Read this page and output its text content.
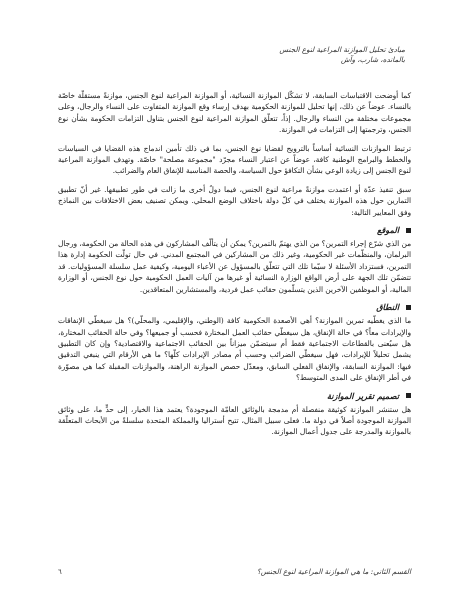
مبادئ تحليل الموازنة المراعية لنوع الجنس
بالمانده، شارب، وآش

كما أوضحت الاقتباسات السابقة، لا تشكّل الموازنة النسائية، أو الموازنة المراعية لنوع الجنس، موازنةً مستقلّة خاصّة بالنساء. عوضاً عن ذلك، إنها تحليل للموازنة الحكومية بهدف إرساء وقع الموازنة المتفاوت على النساء والرجال، وعلى مجموعات مختلفة من النساء والرجال. إذاً، تتعلّق الموازنة المراعية لنوع الجنس بتناول التزامات الحكومة بشأن نوع الجنس، وترجمتها إلى التزامات في الموازنة.

ترتبط الموازنات النسائية أساساً بالترويج لقضايا نوع الجنس، بما في ذلك تأمين اندماج هذه القضايا في السياسات والخطط والبرامج الوطنية كافة، عوضاً عن اعتبار النساء مجرّد "مجموعة مصلحة" خاصّة. وتهدف الموازنة المراعية لنوع الجنس إلى زيادة الوعي بشأن التكافؤ حول السياسة، والحصة المناسبة للإنفاق العام والضرائب.

سبق تنفيذ عدّة أو اعتمدت موازنةً مراعية لنوع الجنس، فيما دولٌ أخرى ما زالت في طور تطبيقها. غير أنّ تطبيق التمارين حول هذه الموازنة يختلف في كلّ دولة باختلاف الوضع المحلي. ويمكن تصنيف بعض الاختلافات بين النماذج وفق المعايير التالية:

الموقع

من الذي شرّع إجراء التمرين؟ من الذي يهتمّ بالتمرين؟ يمكن أن يتألّف المشاركون في هذه الحالة من الحكومة، ورجال البرلمان، والمنظّمات غير الحكومية، وغير ذلك من المشاركين في المجتمع المدني. في حال تولّت الحكومة إدارة هذا التمرين، فستزداد الأسئلة لا سيّما تلك التي تتعلّق بالمسؤول عن الأعباء اليومية، وكيفية عمل سلسلة المسؤوليات. قد تتضمّن تلك الجهة على أرض الواقع الوزارة النسائية أو غيرها من آليات العمل الحكومية حول نوع الجنس، أو الوزارة المالية، أو الموظفين الآخرين الذين يتسلّمون حقائب عمل فردية، والمستشارين المتعاقدين.

النطاق

ما الذي يغطّيه تمرين الموازنة؟ أهي الأصعدة الحكومية كافة (الوطني، والإقليمي، والمحلّي)؟ هل سيغطّي الإنفاقات والإيرادات معاً؟ في حالة الإنفاق، هل سيغطّي حقائب العمل المختارة فحسب أو جميعها؟ وفي حالة الحقائب المختارة، هل سيُعنى بالقطاعات الاجتماعية فقط أم سيتضمّن ميزاناً بين الحقائب الاجتماعية والاقتصادية؟ وإن كان التطبيق يشمل تحليلاً للإيرادات، فهل سيغطّي الضرائب وحسب أم مصادر الإيرادات كلّها؟ ما هي الأرقام التي ينبغي التدقيق فيها: الموازنة السابقة، والإنفاق الفعلي السابق، ومعدّل حصص الموازنة الراهنة، والموازنات المقبلة كما هي مصوّرة في أطر الإنفاق على المدى المتوسط؟

تصميم تقرير الموازنة

هل ستنشر الموازنة كوثيقة منفصلة أم مدمجة بالوثائق العامّة الموجودة؟ يعتمد هذا الخيار، إلى حدٍّ ما، على وثائق الموازنة الموجودة أصلاً في دولة ما. فعلى سبيل المثال، تتيح أستراليا والمملكة المتحدة سلسلةً من الأبحاث المتعلّقة بالموازنة والمدرجة على جدول أعمال الموازنة.

القسم الثاني: ما هي الموازنة المراعية لنوع الجنس؟
٦
